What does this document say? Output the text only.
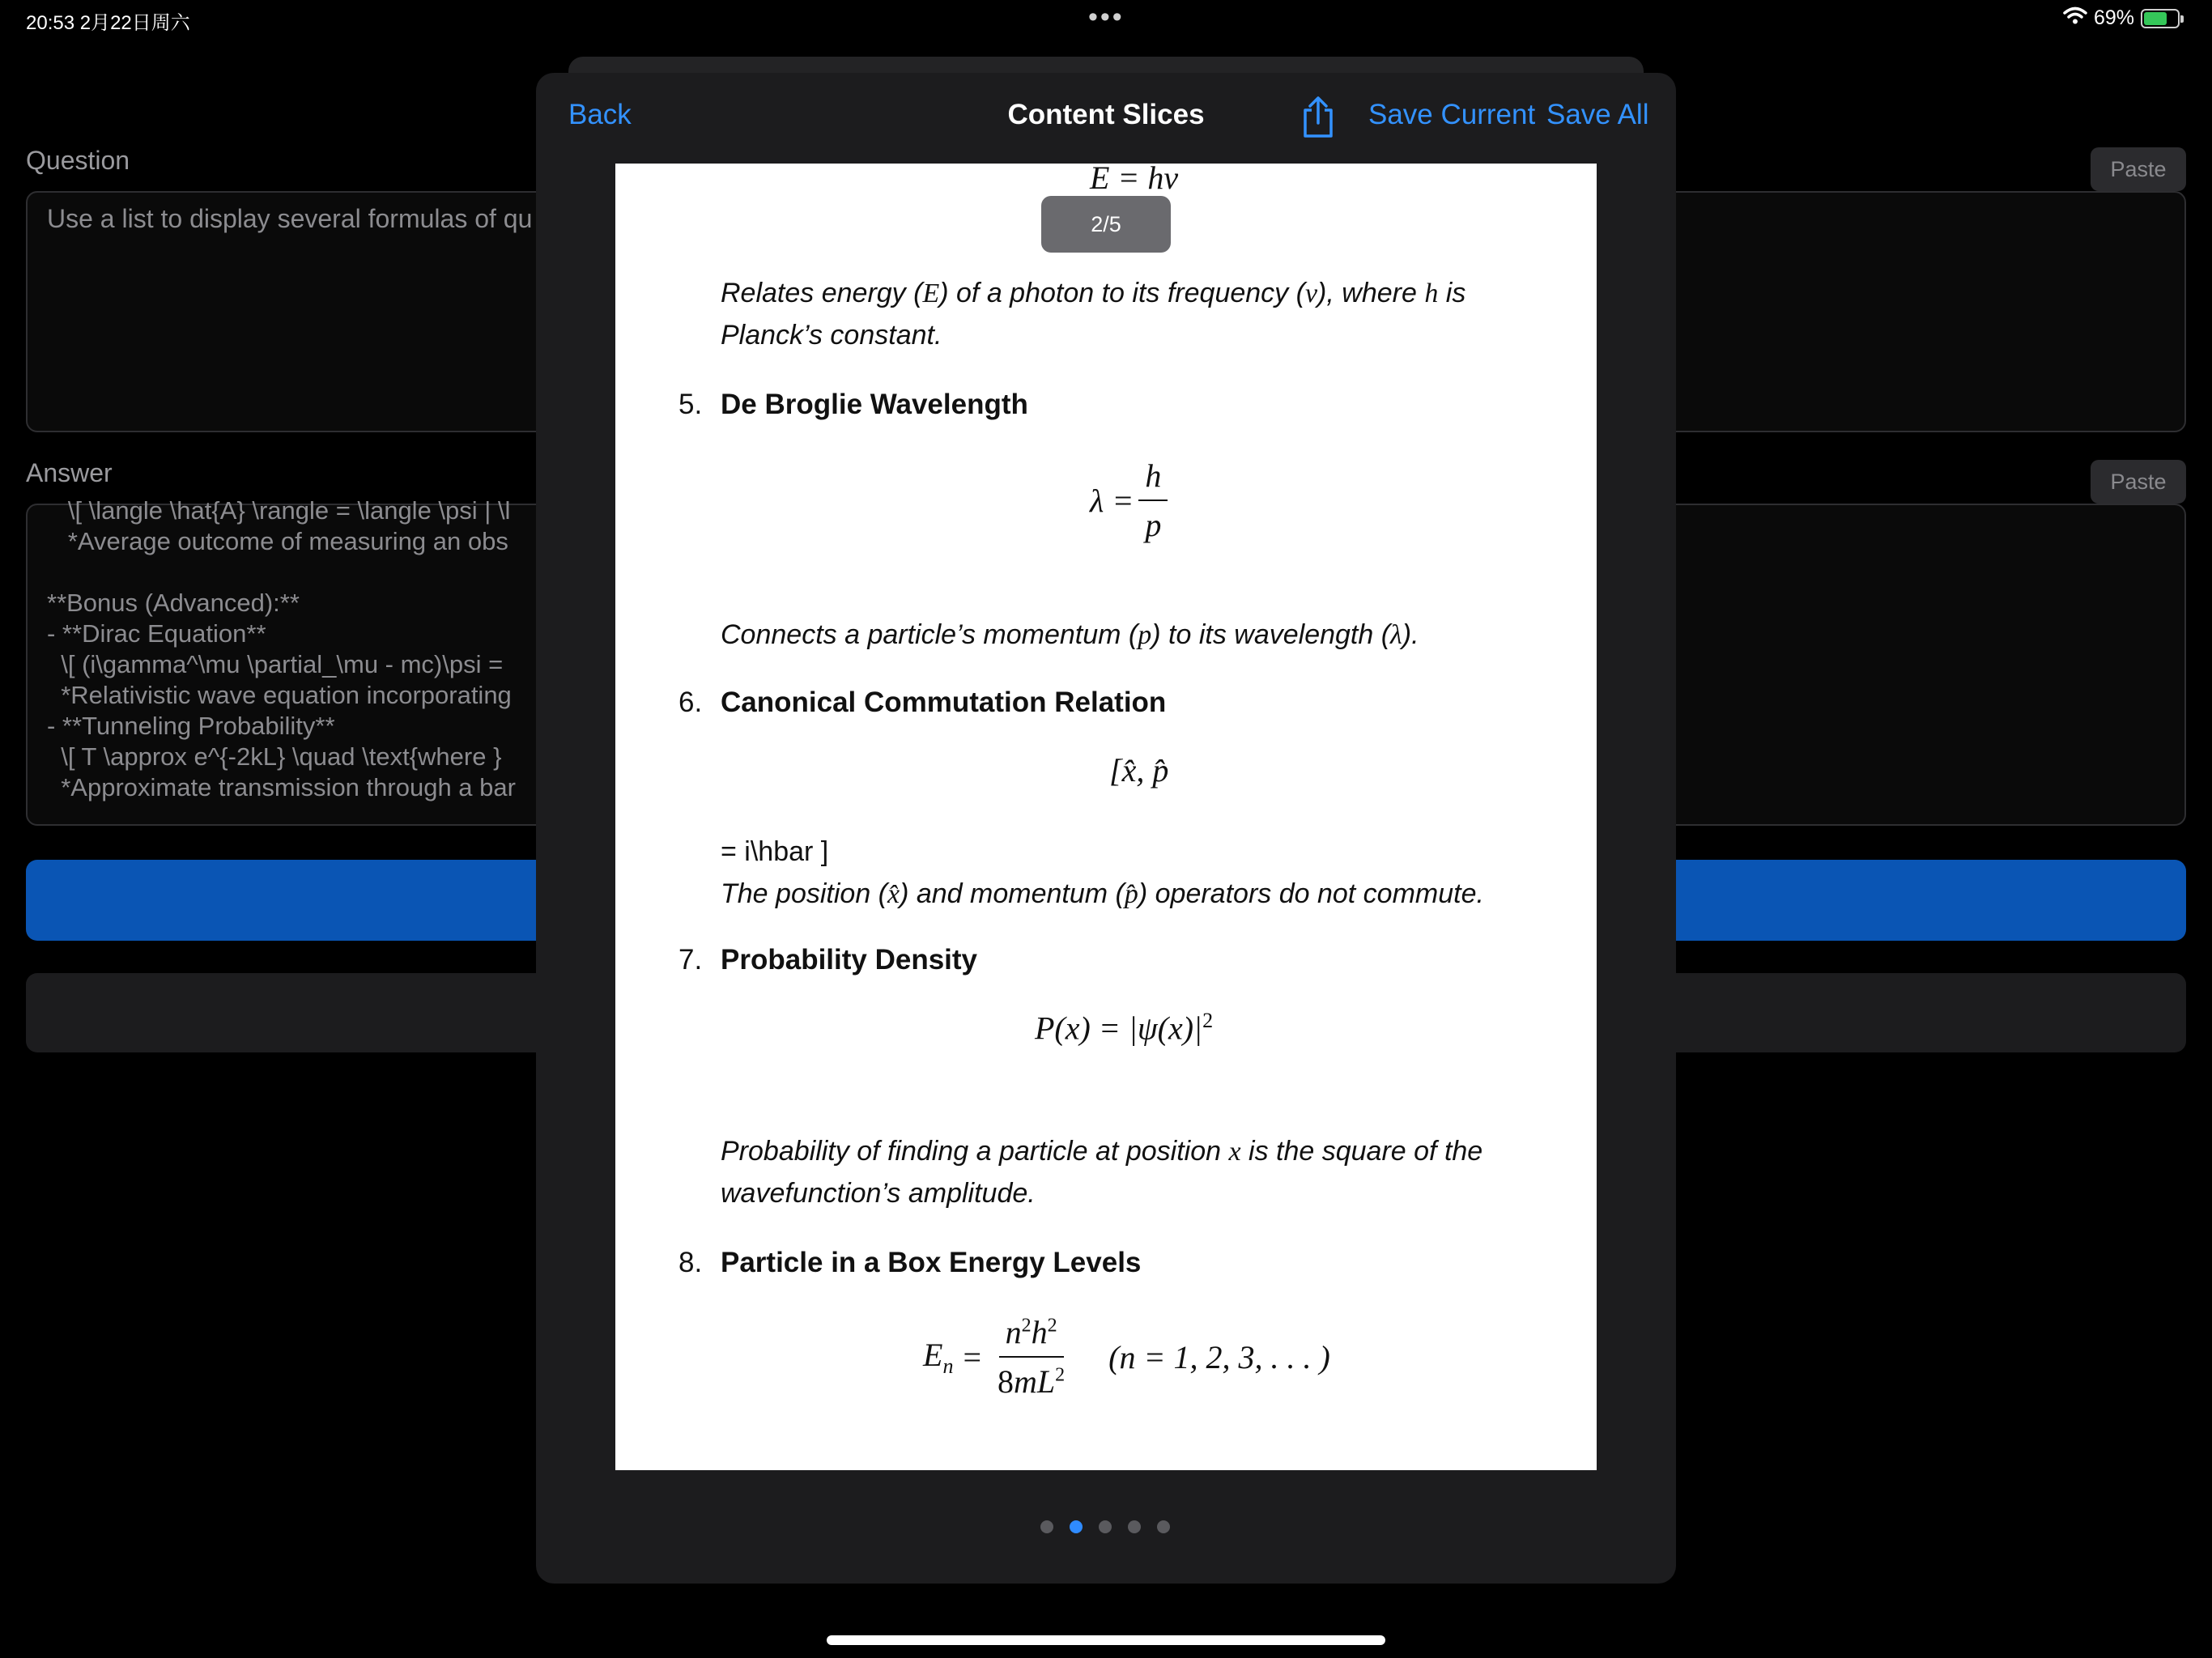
20:53 2月22日周六	•••	69%
Question	Paste
Use a list to display several formulas of qu
Answer	Paste
\[ \langle \hat{A} \rangle = \langle \psi | \l
*Average outcome of measuring an obs
**Bonus (Advanced):**
- **Dirac Equation**
\[ (i\gamma^\mu \partial_\mu - mc)\psi =
*Relativistic wave equation incorporating
- **Tunneling Probability**
\[ T \approx e^{-2kL} \quad \text{where }
*Approximate transmission through a bar
Content Slices
Back	Save Current Save All
E = hν
Relates energy (E) of a photon to its frequency (ν), where h is
Planck’s constant.
5. De Broglie Wavelength
$\lambda = \frac{h}{p}$
Connects a particle’s momentum (p) to its wavelength (λ).
6. Canonical Commutation Relation
[x̂, p̂
= i\hbar ]
The position (x̂) and momentum (p̂) operators do not commute.
7. Probability Density
$P(x) = |\psi(x)|^2$
Probability of finding a particle at position x is the square of the
wavefunction’s amplitude.
8. Particle in a Box Energy Levels
$E_n = \frac{n^2h^2}{8mL^2} (n = 1$, 2, 3, . . . )
2/5
